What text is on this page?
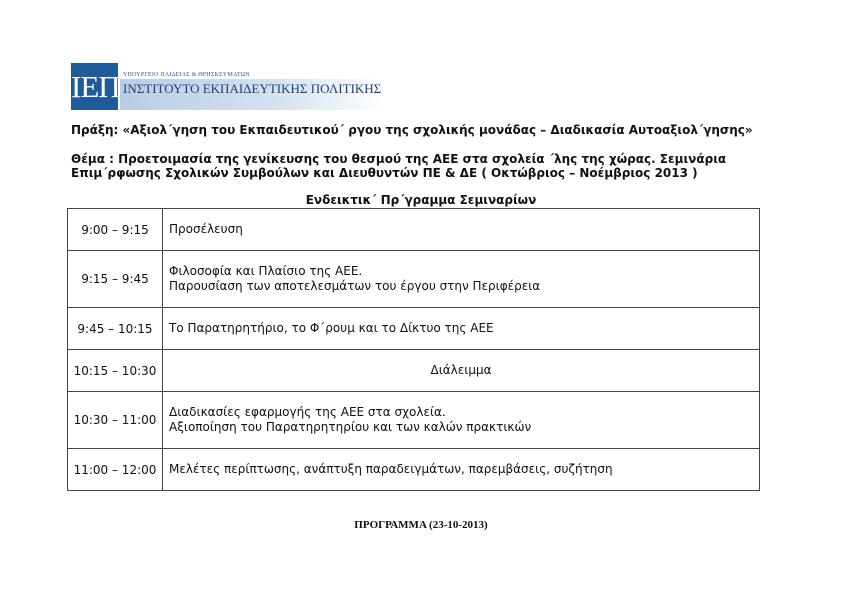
ΙΕΠ ΥΠΟΥΡΓΕΙΟ ΠΑΙΔΕΙΑΣ & ΘΡΗΣΚΕΥΜΑΤΩΝ
ΙΝΣΤΙΤΟΥΤΟ ΕΚΠΑΙΔΕΥΤΙΚΗΣ ΠΟΛΙΤΙΚΗΣ
Πράξη: «Αξιολ΄γηση του Εκπαιδευτικού΄ ργου της σχολικής μονάδας – Διαδικασία Αυτοαξιολ΄γησης»
Θέμα : Προετοιμασία της γενίκευσης του θεσμού της ΑΕΕ στα σχολεία ΄λης της χώρας. Σεμινάρια
Επιμ΄ρφωσης Σχολικών Συμβούλων και Διευθυντών ΠΕ & ΔΕ ( Οκτώβριος – Νοέμβριος 2013 )
Ενδεικτικ΄ Πρ΄γραμμα Σεμιναρίων
9:00 – 9:15	Προσέλευση

9:15 – 9:45	Φιλοσοφία και Πλαίσιο της ΑΕΕ.
Παρουσίαση των αποτελεσμάτων του έργου στην Περιφέρεια

9:45 – 10:15	Το Παρατηρητήριο, το Φ΄ρουμ και το Δίκτυο της ΑΕΕ

10:15 – 10:30	Διάλειμμα

10:30 – 11:00	Διαδικασίες εφαρμογής της ΑΕΕ στα σχολεία.
Αξιοποίηση του Παρατηρητηρίου και των καλών πρακτικών

11:00 – 12:00	Μελέτες περίπτωσης, ανάπτυξη παραδειγμάτων, παρεμβάσεις, συζήτηση
ΠΡΟΓΡΑΜΜΑ (23-10-2013)
